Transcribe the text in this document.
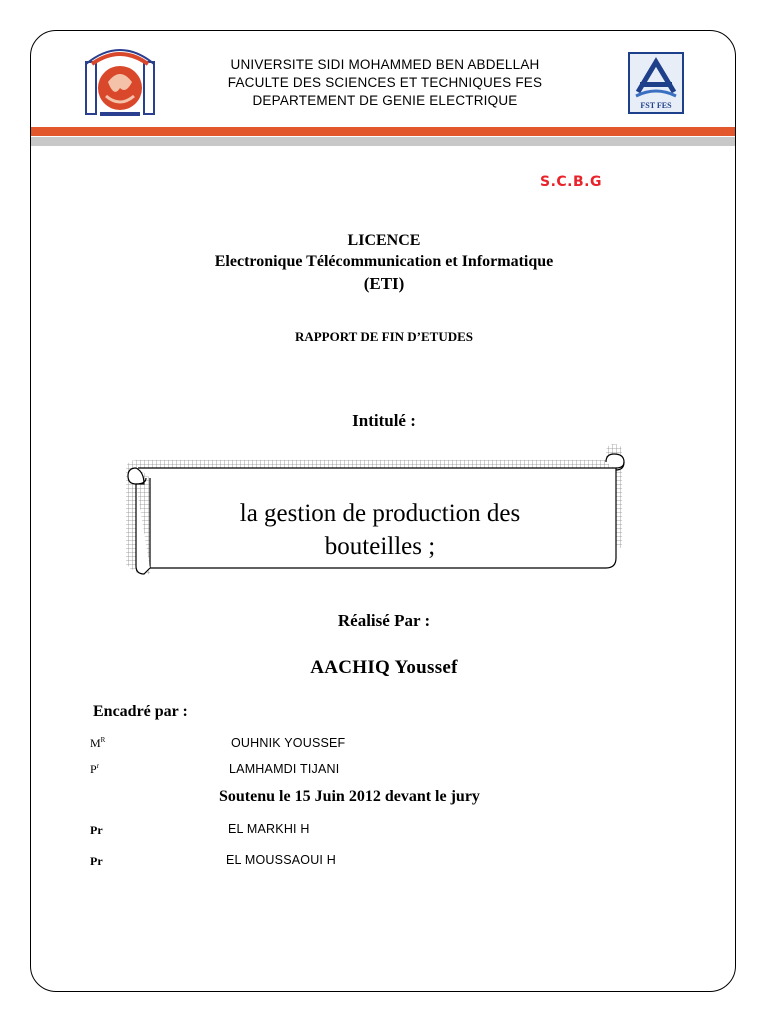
FST FES
UNIVERSITE SIDI MOHAMMED BEN ABDELLAH
FACULTE DES SCIENCES ET TECHNIQUES FES
DEPARTEMENT DE GENIE ELECTRIQUE
S.C.B.G
LICENCE
Electronique Télécommunication et Informatique
(ETI)
RAPPORT DE FIN D’ETUDES
Intitulé :
la gestion de production des
bouteilles ;
Réalisé Par :
AACHIQ Youssef
Encadré par :
$M^R$	OUHNIK YOUSSEF
$P^r$	LAMHAMDI TIJANI
Soutenu le 15 Juin 2012 devant le jury
Pr	EL MARKHI H
Pr	EL MOUSSAOUI H
